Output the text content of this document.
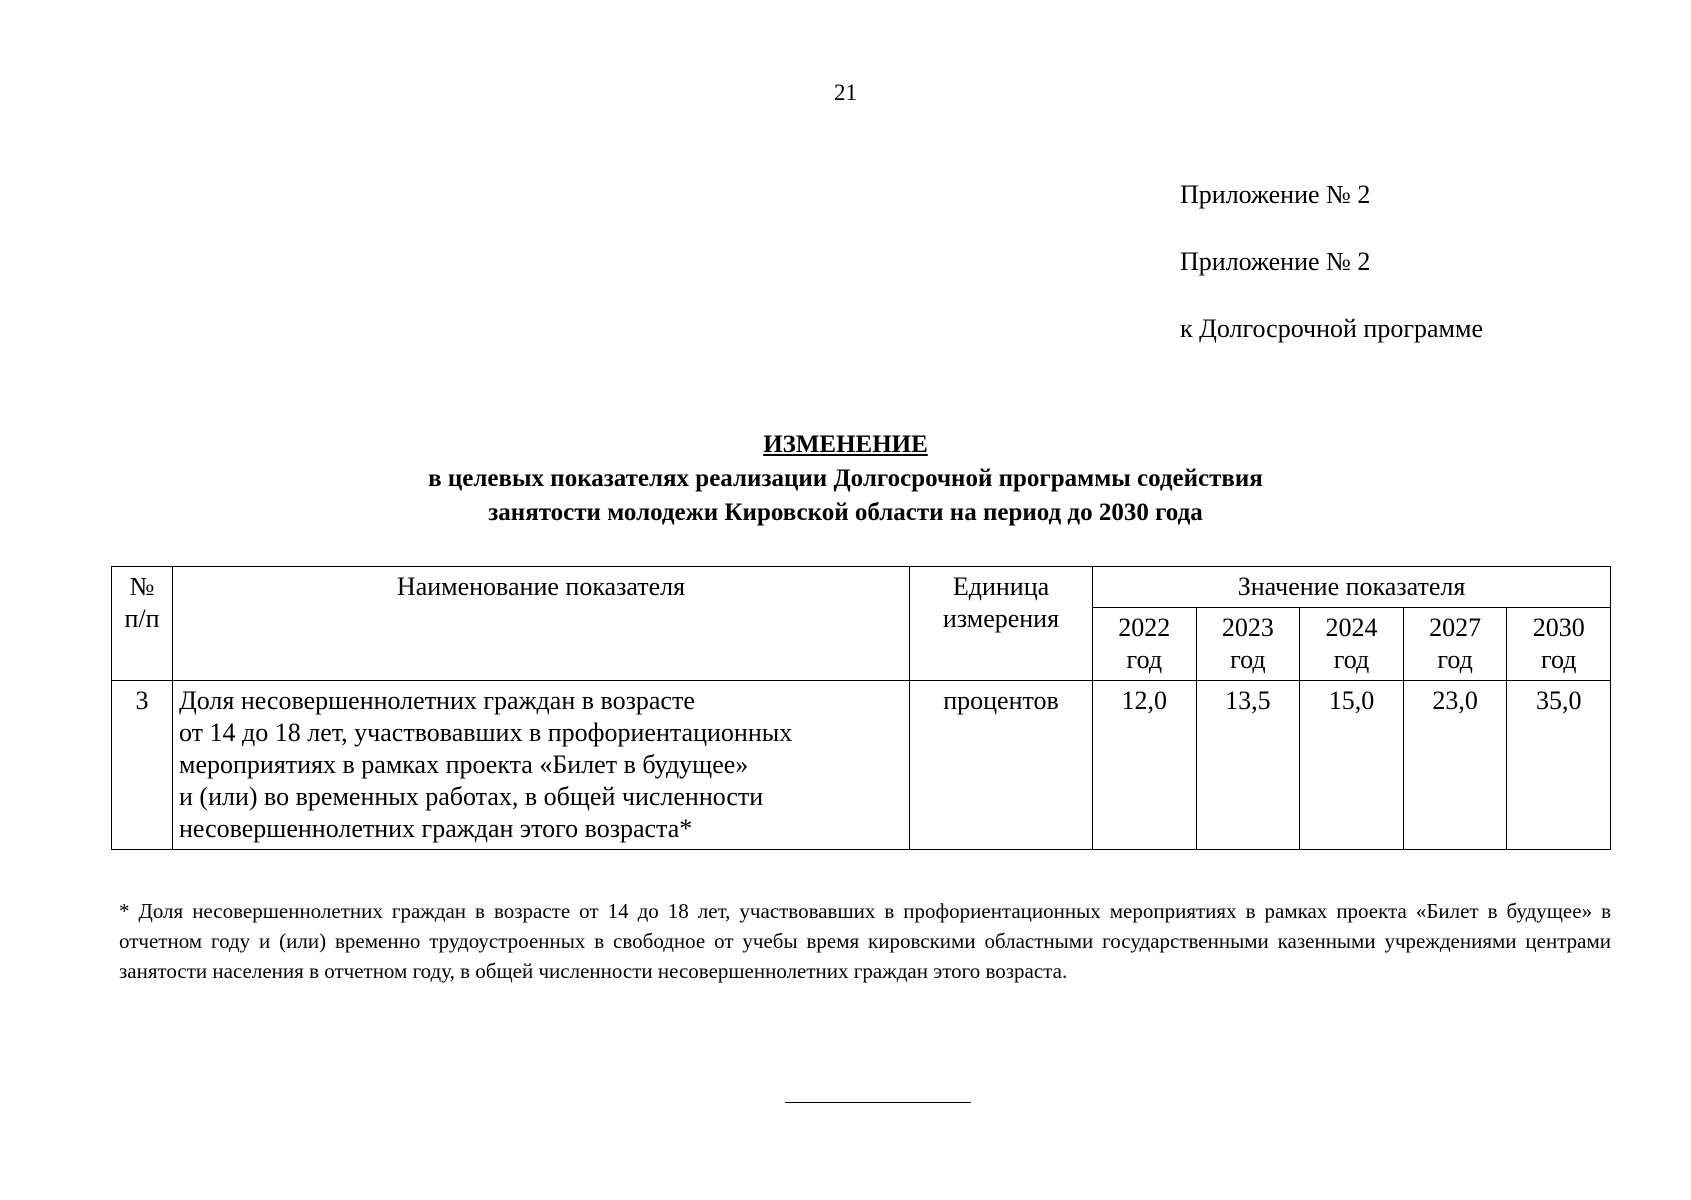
21
Приложение № 2
Приложение № 2
к Долгосрочной программе
ИЗМЕНЕНИЕ
в целевых показателях реализации Долгосрочной программы содействия
занятости молодежи Кировской области на период до 2030 года
№ п/п	Наименование показателя	Единица измерения	Значение показателя				
			2022 год	2023 год	2024 год	2027 год	2030 год
3	Доля несовершеннолетних граждан в возрасте
от 14 до 18 лет, участвовавших в профориентационных
мероприятиях в рамках проекта «Билет в будущее»
и (или) во временных работах, в общей численности
несовершеннолетних граждан этого возраста*	процентов	12,0	13,5	15,0	23,0	35,0
* Доля несовершеннолетних граждан в возрасте от 14 до 18 лет, участвовавших в профориентационных мероприятиях в рамках проекта «Билет в будущее» в отчетном году и (или) временно трудоустроенных в свободное от учебы время кировскими областными государственными казенными учреждениями центрами занятости населения в отчетном году, в общей численности несовершеннолетних граждан этого возраста.
